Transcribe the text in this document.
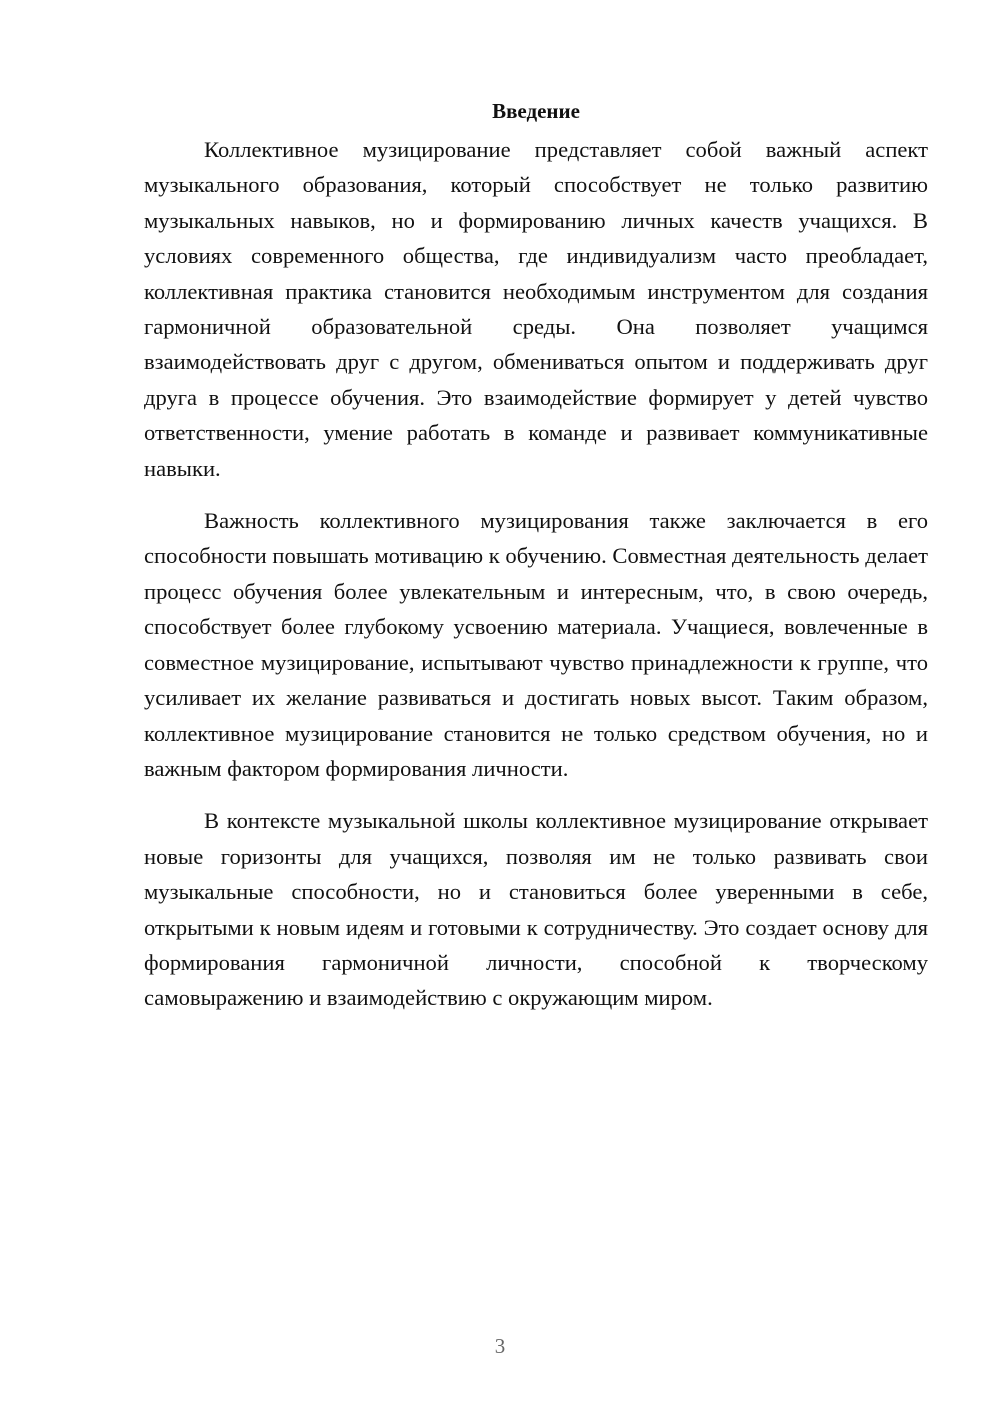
Введение

Коллективное музицирование представляет собой важный аспект музыкального образования, который способствует не только развитию музыкальных навыков, но и формированию личных качеств учащихся. В условиях современного общества, где индивидуализм часто преобладает, коллективная практика становится необходимым инструментом для создания гармоничной образовательной среды. Она позволяет учащимся взаимодействовать друг с другом, обмениваться опытом и поддерживать друг друга в процессе обучения. Это взаимодействие формирует у детей чувство ответственности, умение работать в команде и развивает коммуникативные навыки.

Важность коллективного музицирования также заключается в его способности повышать мотивацию к обучению. Совместная деятельность делает процесс обучения более увлекательным и интересным, что, в свою очередь, способствует более глубокому усвоению материала. Учащиеся, вовлеченные в совместное музицирование, испытывают чувство принадлежности к группе, что усиливает их желание развиваться и достигать новых высот. Таким образом, коллективное музицирование становится не только средством обучения, но и важным фактором формирования личности.

В контексте музыкальной школы коллективное музицирование открывает новые горизонты для учащихся, позволяя им не только развивать свои музыкальные способности, но и становиться более уверенными в себе, открытыми к новым идеям и готовыми к сотрудничеству. Это создает основу для формирования гармоничной личности, способной к творческому самовыражению и взаимодействию с окружающим миром.

3
